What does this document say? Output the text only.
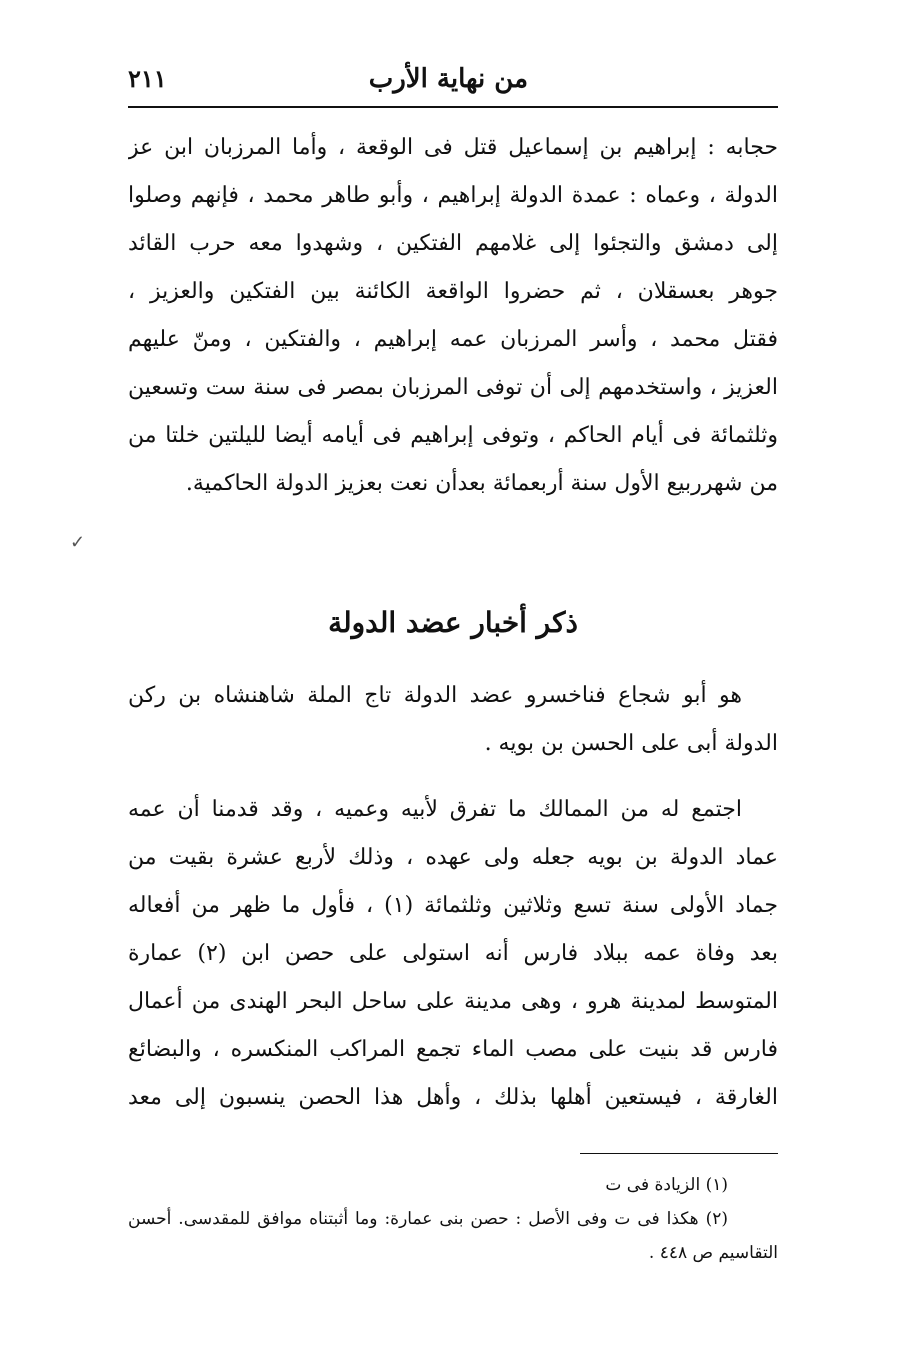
من نهاية الأرب
٢١١
حجابه : إبراهيم بن إسماعيل قتل فى الوقعة ، وأما المرزبان ابن عز
الدولة ، وعماه : عمدة الدولة إبراهيم ، وأبو طاهر محمد ، فإنهم وصلوا
إلى دمشق والتجئوا إلى غلامهم الفتكين ، وشهدوا معه حرب القائد
جوهر بعسقلان ، ثم حضروا الواقعة الكائنة بين الفتكين والعزيز ،
فقتل محمد ، وأسر المرزبان عمه إبراهيم ، والفتكين ، ومنّ عليهم
العزيز ، واستخدمهم إلى أن توفى المرزبان بمصر فى سنة ست وتسعين
وثلثمائة فى أيام الحاكم ، وتوفى إبراهيم فى أيامه أيضا لليلتين خلتا من
من شهرربيع الأول سنة أربعمائة بعدأن نعت بعزيز الدولة الحاكمية.
✓
ذكر أخبار عضد الدولة
هو أبو شجاع فناخسرو عضد الدولة تاج الملة شاهنشاه بن ركن
الدولة أبى على الحسن بن بويه .
اجتمع له من الممالك ما تفرق لأبيه وعميه ، وقد قدمنا أن عمه
عماد الدولة بن بويه جعله ولى عهده ، وذلك لأربع عشرة بقيت من
جماد الأولى سنة تسع وثلاثين وثلثمائة (١) ، فأول ما ظهر من أفعاله
بعد وفاة عمه ببلاد فارس أنه استولى على حصن ابن (٢) عمارة
المتوسط لمدينة هرو ، وهى مدينة على ساحل البحر الهندى من أعمال
فارس قد بنيت على مصب الماء تجمع المراكب المنكسره ، والبضائع
الغارقة ، فيستعين أهلها بذلك ، وأهل هذا الحصن ينسبون إلى معد
(١) الزيادة فى ت
(٢) هكذا فى ت وفى الأصل : حصن بنى عمارة: وما أثبتناه موافق للمقدسى. أحسن
التقاسيم ص ٤٤٨ .
